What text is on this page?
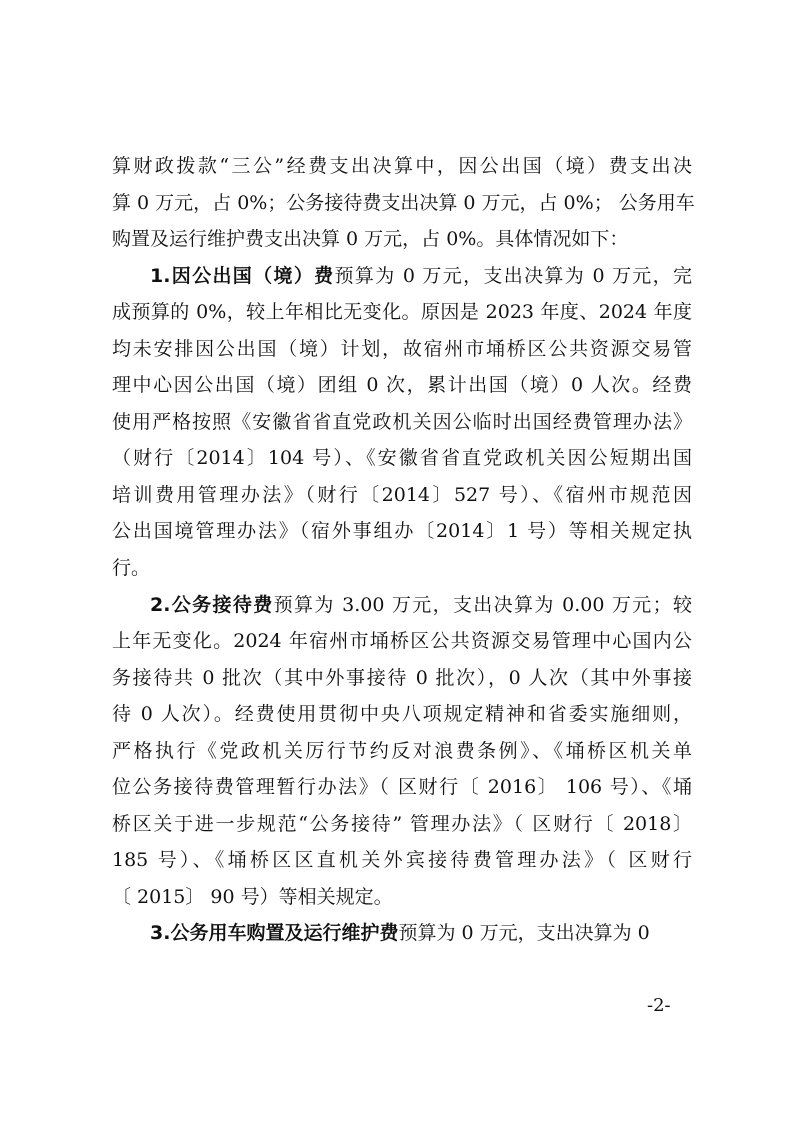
算财政拨款“三公”经费支出决算中，因公出国（境）费支出决
算 0 万元，占 0%；公务接待费支出决算 0 万元，占 0%； 公务用车
购置及运行维护费支出决算 0 万元，占 0%。具体情况如下：
1.因公出国（境）费预算为 0 万元，支出决算为 0 万元，完
成预算的 0%，较上年相比无变化。原因是 2023 年度、2024 年度
均未安排因公出国（境）计划，故宿州市埇桥区公共资源交易管
理中心因公出国（境）团组 0 次，累计出国（境）0 人次。经费
使用严格按照《安徽省省直党政机关因公临时出国经费管理办法》
（财行〔2014〕104 号）、《安徽省省直党政机关因公短期出国
培训费用管理办法》（财行〔2014〕527 号）、《宿州市规范因
公出国境管理办法》（宿外事组办〔2014〕1 号）等相关规定执
行。
2.公务接待费预算为 3.00 万元，支出决算为 0.00 万元；较
上年无变化。2024 年宿州市埇桥区公共资源交易管理中心国内公
务接待共 0 批次（其中外事接待 0 批次），0 人次（其中外事接
待 0 人次）。经费使用贯彻中央八项规定精神和省委实施细则，
严格执行《党政机关厉行节约反对浪费条例》、《埇桥区机关单
位公务接待费管理暂行办法》（ 区财行〔 2016〕 106 号）、《埇
桥区关于进一步规范“公务接待” 管理办法》（ 区财行〔 2018〕
185 号）、《埇桥区区直机关外宾接待费管理办法》（ 区财行
〔 2015〕 90 号）等相关规定。
3.公务用车购置及运行维护费预算为 0 万元，支出决算为 0
-2-
